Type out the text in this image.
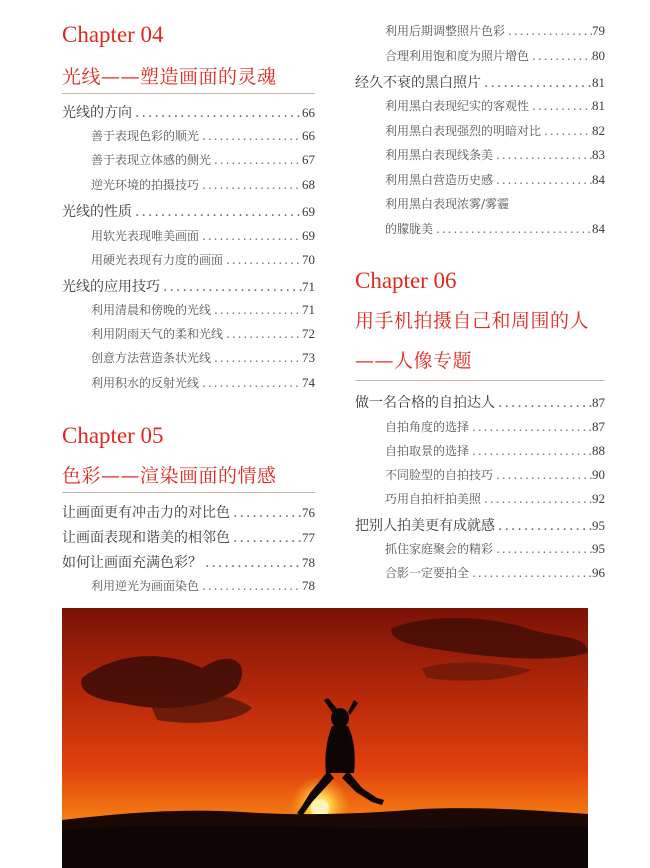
Chapter 04
光线——塑造画面的灵魂
光线的方向 .....	66
善于表现色彩的顺光 .....	66
善于表现立体感的侧光 .....	67
逆光环境的拍摄技巧 .....	68
光线的性质 .....	69
用软光表现唯美画面 .....	69
用硬光表现有力度的画面 .....	70
光线的应用技巧 .....	71
利用清晨和傍晚的光线 .....	71
利用阴雨天气的柔和光线 .....	72
创意方法营造条状光线 .....	73
利用积水的反射光线 .....	74
Chapter 05
色彩——渲染画面的情感
让画面更有冲击力的对比色 .....	76
让画面表现和谐美的相邻色 .....	77
如何让画面充满色彩？ .....	78
利用逆光为画面染色 .....	78
利用后期调整照片色彩 .....	79
合理利用饱和度为照片增色 .....	80
经久不衰的黑白照片 .....	81
利用黑白表现纪实的客观性 .....	81
利用黑白表现强烈的明暗对比 .....	82
利用黑白表现线条美 .....	83
利用黑白营造历史感 .....	84
利用黑白表现浓雾/雾霾
的朦胧美 .....	84
Chapter 06
用手机拍摄自己和周围的人
——人像专题
做一名合格的自拍达人 .....	87
自拍角度的选择 .....	87
自拍取景的选择 .....	88
不同脸型的自拍技巧 .....	90
巧用自拍杆拍美照 .....	92
把别人拍美更有成就感 .....	95
抓住家庭聚会的精彩 .....	95
合影一定要拍全 .....	96
